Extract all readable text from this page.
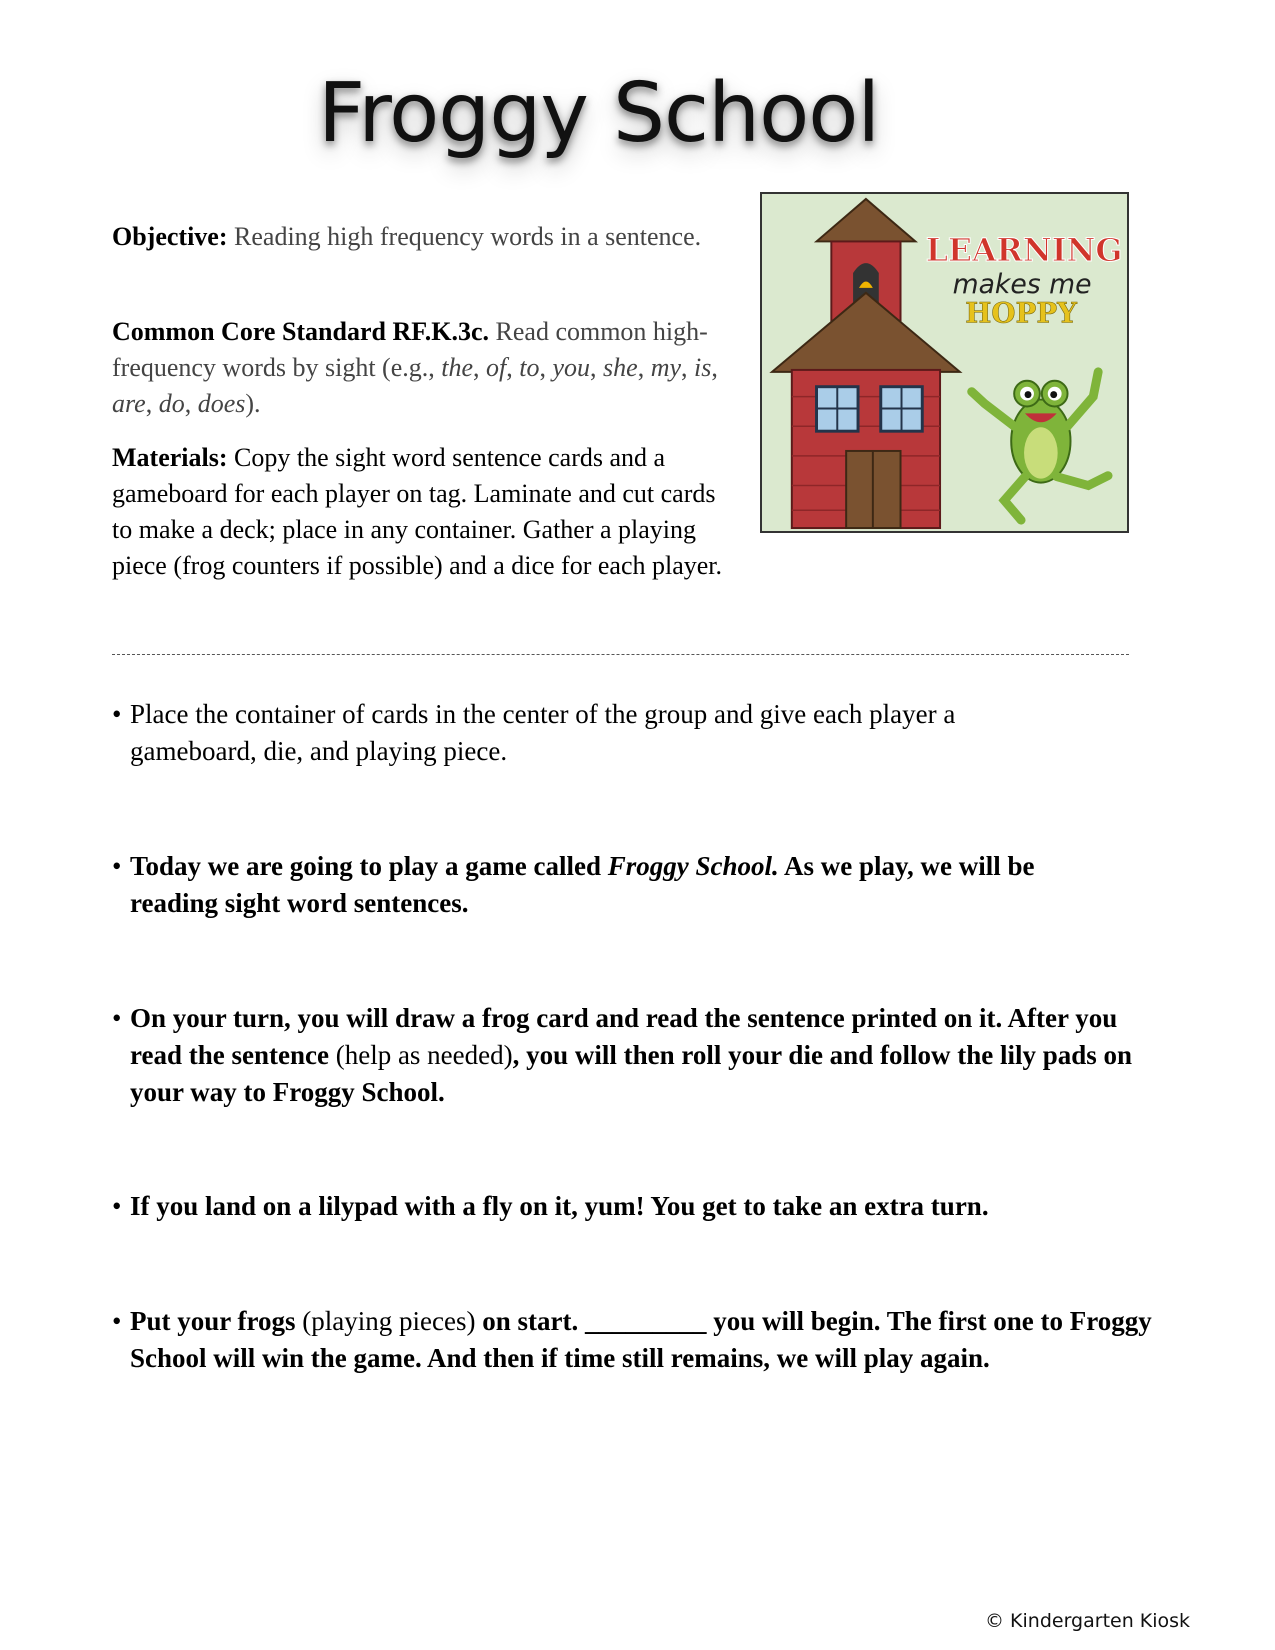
Froggy School
Objective: Reading high frequency words in a sentence.
Common Core Standard RF.K.3c. Read common high-frequency words by sight (e.g., the, of, to, you, she, my, is, are, do, does).
Materials: Copy the sight word sentence cards and a gameboard for each player on tag. Laminate and cut cards to make a deck; place in any container. Gather a playing piece (frog counters if possible) and a dice for each player.
LEARNING
makes me
HOPPY
• Place the container of cards in the center of the group and give each player a gameboard, die, and playing piece.
• Today we are going to play a game called Froggy School. As we play, we will be reading sight word sentences.
• On your turn, you will draw a frog card and read the sentence printed on it. After you read the sentence (help as needed), you will then roll your die and follow the lily pads on your way to Froggy School.
• If you land on a lilypad with a fly on it, yum! You get to take an extra turn.
• Put your frogs (playing pieces) on start. _________ you will begin. The first one to Froggy School will win the game. And then if time still remains, we will play again.
© Kindergarten Kiosk
